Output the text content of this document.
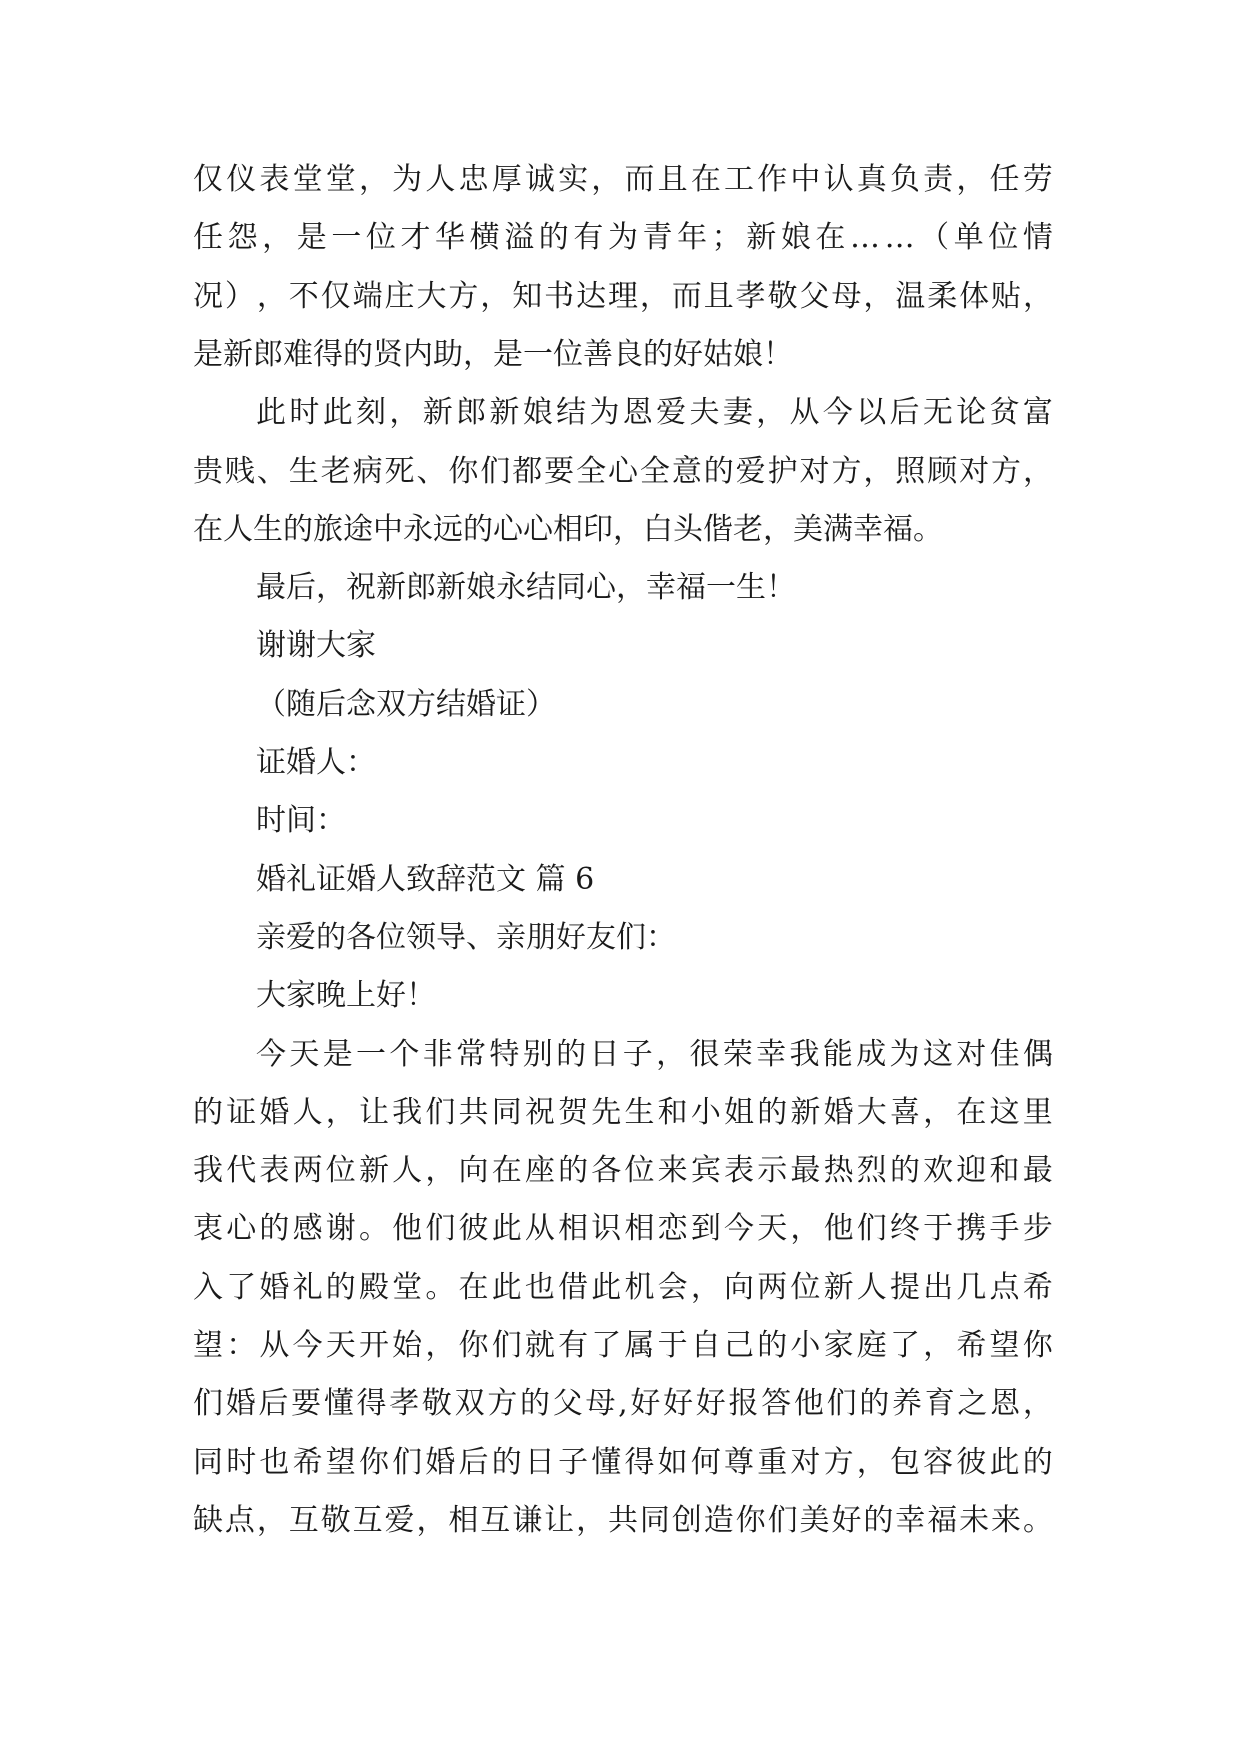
仅 仪 表 堂 堂 ， 为 人 忠 厚 诚 实 ， 而 且 在 工 作 中 认 真 负 责 ， 任 劳
任 怨 ， 是 一 位 才 华 横 溢 的 有 为 青 年 ； 新 娘 在 … … （ 单 位 情
况 ） ， 不 仅 端 庄 大 方 ， 知 书 达 理 ， 而 且 孝 敬 父 母 ， 温 柔 体 贴 ，
是新郎难得的贤内助，是一位善良的好姑娘！
此 时 此 刻 ， 新 郎 新 娘 结 为 恩 爱 夫 妻 ， 从 今 以 后 无 论 贫 富
贵 贱 、 生 老 病 死 、 你 们 都 要 全 心 全 意 的 爱 护 对 方 ， 照 顾 对 方 ，
在人生的旅途中永远的心心相印，白头偕老，美满幸福。
最后，祝新郎新娘永结同心，幸福一生！
谢谢大家
（随后念双方结婚证）
证婚人：
时间：
婚礼证婚人致辞范文 篇 6
亲爱的各位领导、亲朋好友们：
大家晚上好！
今 天 是 一 个 非 常 特 别 的 日 子 ， 很 荣 幸 我 能 成 为 这 对 佳 偶
的 证 婚 人 ， 让 我 们 共 同 祝 贺 先 生 和 小 姐 的 新 婚 大 喜 ， 在 这 里
我 代 表 两 位 新 人 ， 向 在 座 的 各 位 来 宾 表 示 最 热 烈 的 欢 迎 和 最
衷 心 的 感 谢 。 他 们 彼 此 从 相 识 相 恋 到 今 天 ， 他 们 终 于 携 手 步
入 了 婚 礼 的 殿 堂 。 在 此 也 借 此 机 会 ， 向 两 位 新 人 提 出 几 点 希
望 ： 从 今 天 开 始 ， 你 们 就 有 了 属 于 自 己 的 小 家 庭 了 ， 希 望 你
们 婚 后 要 懂 得 孝 敬 双 方 的 父 母 , 好 好 好 报 答 他 们 的 养 育 之 恩 ，
同 时 也 希 望 你 们 婚 后 的 日 子 懂 得 如 何 尊 重 对 方 ， 包 容 彼 此 的
缺 点 ， 互 敬 互 爱 ， 相 互 谦 让 ， 共 同 创 造 你 们 美 好 的 幸 福 未 来 。
